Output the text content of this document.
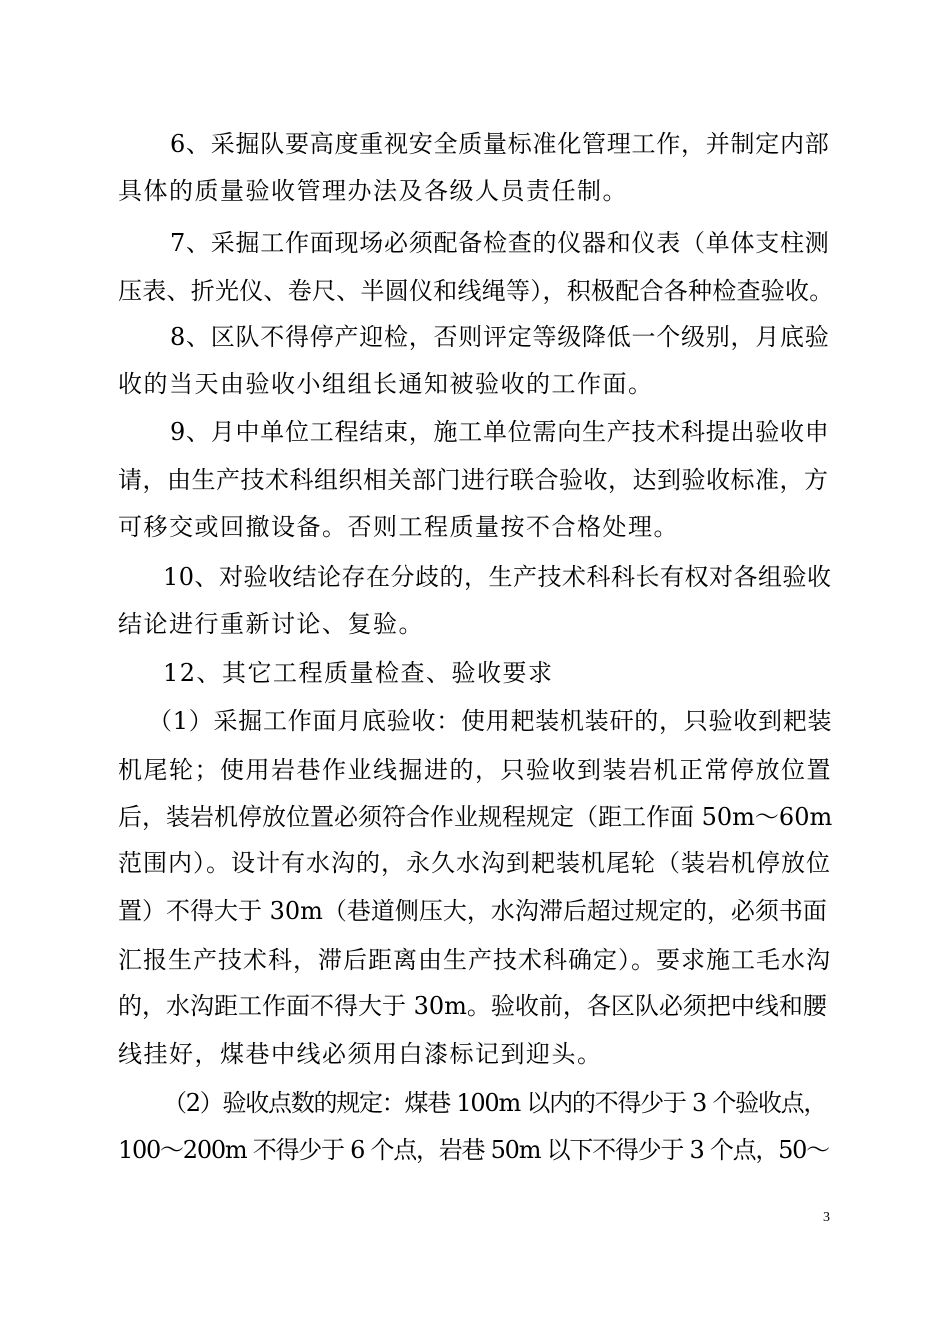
6、采掘队要高度重视安全质量标准化管理工作，并制定内部
具体的质量验收管理办法及各级人员责任制。
7、采掘工作面现场必须配备检查的仪器和仪表（单体支柱测
压表、折光仪、卷尺、半圆仪和线绳等），积极配合各种检查验收。
8、区队不得停产迎检，否则评定等级降低一个级别，月底验
收的当天由验收小组组长通知被验收的工作面。
9、月中单位工程结束，施工单位需向生产技术科提出验收申
请，由生产技术科组织相关部门进行联合验收，达到验收标准，方
可移交或回撤设备。否则工程质量按不合格处理。
10、对验收结论存在分歧的，生产技术科科长有权对各组验收
结论进行重新讨论、复验。
12、其它工程质量检查、验收要求
（1）采掘工作面月底验收：使用耙装机装矸的，只验收到耙装
机尾轮；使用岩巷作业线掘进的，只验收到装岩机正常停放位置
后，装岩机停放位置必须符合作业规程规定（距工作面 50m～60m
范围内）。设计有水沟的，永久水沟到耙装机尾轮（装岩机停放位
置）不得大于 30m（巷道侧压大，水沟滞后超过规定的，必须书面
汇报生产技术科，滞后距离由生产技术科确定）。要求施工毛水沟
的，水沟距工作面不得大于 30m。验收前，各区队必须把中线和腰
线挂好，煤巷中线必须用白漆标记到迎头。
（2）验收点数的规定：煤巷 100m 以内的不得少于 3 个验收点，
100～200m 不得少于 6 个点，岩巷 50m 以下不得少于 3 个点，50～
3
